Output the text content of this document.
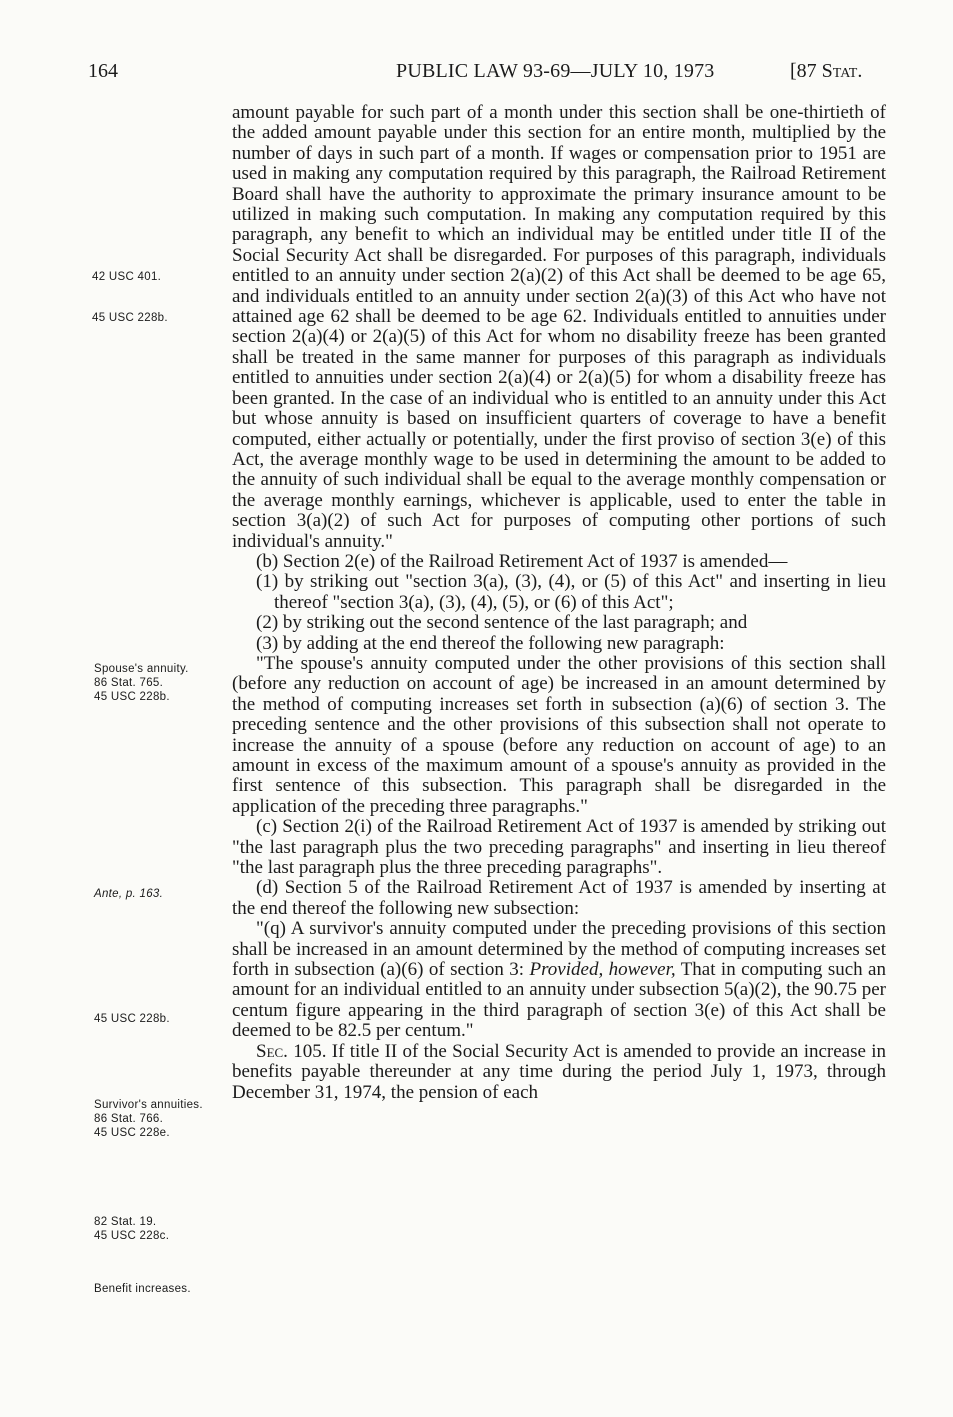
164	PUBLIC LAW 93-69—JULY 10, 1973	[87 Stat.
42 USC 401.
45 USC 228b.
Spouse's annuity.
86 Stat. 765.
45 USC 228b.
Ante, p. 163.
45 USC 228b.
Survivor's annuities.
86 Stat. 766.
45 USC 228e.
82 Stat. 19.
45 USC 228c.
Benefit increases.

amount payable for such part of a month under this section shall be one-thirtieth of the added amount payable under this section for an entire month, multiplied by the number of days in such part of a month. If wages or compensation prior to 1951 are used in making any computation required by this paragraph, the Railroad Retirement Board shall have the authority to approximate the primary insurance amount to be utilized in making such computation. In making any computation required by this paragraph, any benefit to which an individual may be entitled under title II of the Social Security Act shall be disregarded. For purposes of this paragraph, individuals entitled to an annuity under section 2(a)(2) of this Act shall be deemed to be age 65, and individuals entitled to an annuity under section 2(a)(3) of this Act who have not attained age 62 shall be deemed to be age 62. Individuals entitled to annuities under section 2(a)(4) or 2(a)(5) of this Act for whom no disability freeze has been granted shall be treated in the same manner for purposes of this paragraph as individuals entitled to annuities under section 2(a)(4) or 2(a)(5) for whom a disability freeze has been granted. In the case of an individual who is entitled to an annuity under this Act but whose annuity is based on insufficient quarters of coverage to have a benefit computed, either actually or potentially, under the first proviso of section 3(e) of this Act, the average monthly wage to be used in determining the amount to be added to the annuity of such individual shall be equal to the average monthly compensation or the average monthly earnings, whichever is applicable, used to enter the table in section 3(a)(2) of such Act for purposes of computing other portions of such individual's annuity."

(b) Section 2(e) of the Railroad Retirement Act of 1937 is amended—

(1) by striking out "section 3(a), (3), (4), or (5) of this Act" and inserting in lieu thereof "section 3(a), (3), (4), (5), or (6) of this Act";

(2) by striking out the second sentence of the last paragraph; and

(3) by adding at the end thereof the following new paragraph:

"The spouse's annuity computed under the other provisions of this section shall (before any reduction on account of age) be increased in an amount determined by the method of computing increases set forth in subsection (a)(6) of section 3. The preceding sentence and the other provisions of this subsection shall not operate to increase the annuity of a spouse (before any reduction on account of age) to an amount in excess of the maximum amount of a spouse's annuity as provided in the first sentence of this subsection. This paragraph shall be disregarded in the application of the preceding three paragraphs."

(c) Section 2(i) of the Railroad Retirement Act of 1937 is amended by striking out "the last paragraph plus the two preceding paragraphs" and inserting in lieu thereof "the last paragraph plus the three preceding paragraphs".

(d) Section 5 of the Railroad Retirement Act of 1937 is amended by inserting at the end thereof the following new subsection:

"(q) A survivor's annuity computed under the preceding provisions of this section shall be increased in an amount determined by the method of computing increases set forth in subsection (a)(6) of section 3: Provided, however, That in computing such an amount for an individual entitled to an annuity under subsection 5(a)(2), the 90.75 per centum figure appearing in the third paragraph of section 3(e) of this Act shall be deemed to be 82.5 per centum."

Sec. 105. If title II of the Social Security Act is amended to provide an increase in benefits payable thereunder at any time during the period July 1, 1973, through December 31, 1974, the pension of each
